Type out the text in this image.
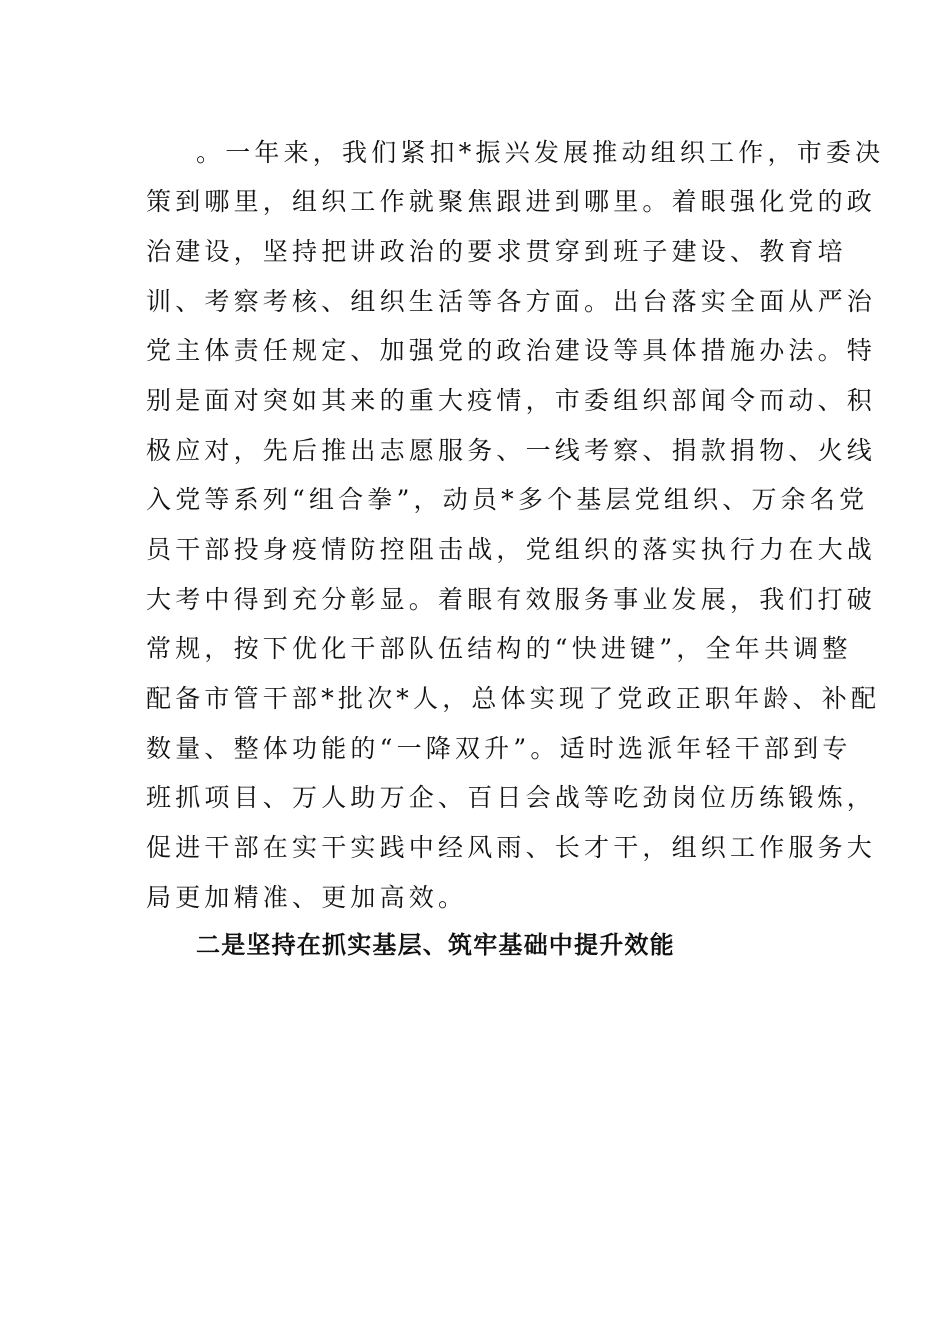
。一年来，我们紧扣*振兴发展推动组织工作，市委决
策到哪里，组织工作就聚焦跟进到哪里。着眼强化党的政
治建设，坚持把讲政治的要求贯穿到班子建设、教育培
训、考察考核、组织生活等各方面。出台落实全面从严治
党主体责任规定、加强党的政治建设等具体措施办法。特
别是面对突如其来的重大疫情，市委组织部闻令而动、积
极应对，先后推出志愿服务、一线考察、捐款捐物、火线
入党等系列“组合拳”，动员*多个基层党组织、万余名党
员干部投身疫情防控阻击战，党组织的落实执行力在大战
大考中得到充分彰显。着眼有效服务事业发展，我们打破
常规，按下优化干部队伍结构的“快进键”，全年共调整
配备市管干部*批次*人，总体实现了党政正职年龄、补配
数量、整体功能的“一降双升”。适时选派年轻干部到专
班抓项目、万人助万企、百日会战等吃劲岗位历练锻炼，
促进干部在实干实践中经风雨、长才干，组织工作服务大
局更加精准、更加高效。
二是坚持在抓实基层、筑牢基础中提升效能
